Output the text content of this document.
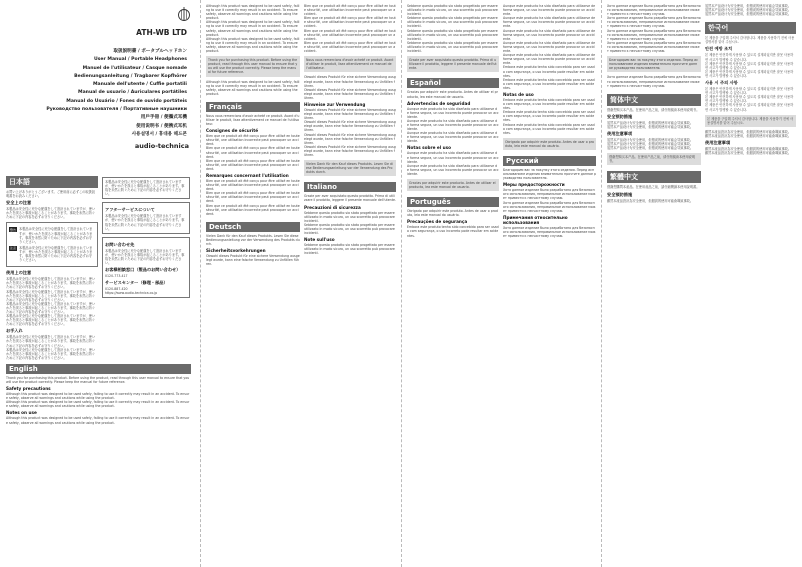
ATH-WB LTD
取扱説明書 / ポータブルヘッドホン
User Manual / Portable Headphones
Manuel de l'utilisateur / Casque nomade
Bedienungsanleitung / Tragbarer Kopfhörer
Manuale dell'utente / Cuffie portatili
Manual de usuario / Auriculares portátiles
Manual do Usuário / Fones de ouvido portáteis
Руководство пользователя / Портативные наушники
用戶手冊 / 便攜式耳機
使用说明书 / 便携式耳机
사용설명서 / 휴대용 헤드폰
audio-technica
日本語
お買い上げありがとうございます。ご使用前に必ずこの取扱説明書をお読みください。
安全上の注意
本製品は安全性に充分な配慮をして設計されていますが、使いかたを誤ると事故が起こることがあります。事故を未然に防ぐために下記の内容を必ずお守りください。
警告 本製品は安全性に充分な配慮をして設計されていますが、使いかたを誤ると事故が起こることがあります。事故を未然に防ぐために下記の内容を必ずお守りください。
注意 本製品は安全性に充分な配慮をして設計されていますが、使いかたを誤ると事故が起こることがあります。事故を未然に防ぐために下記の内容を必ずお守りください。
使用上の注意
本製品は安全性に充分な配慮をして設計されていますが、使いかたを誤ると事故が起こることがあります。事故を未然に防ぐために下記の内容を必ずお守りください。
本製品は安全性に充分な配慮をして設計されていますが、使いかたを誤ると事故が起こることがあります。事故を未然に防ぐために下記の内容を必ずお守りください。
本製品は安全性に充分な配慮をして設計されていますが、使いかたを誤ると事故が起こることがあります。事故を未然に防ぐために下記の内容を必ずお守りください。
本製品は安全性に充分な配慮をして設計されていますが、使いかたを誤ると事故が起こることがあります。事故を未然に防ぐために下記の内容を必ずお守りください。
お手入れ
本製品は安全性に充分な配慮をして設計されていますが、使いかたを誤ると事故が起こることがあります。事故を未然に防ぐために下記の内容を必ずお守りください。
本製品は安全性に充分な配慮をして設計されていますが、使いかたを誤ると事故が起こることがあります。事故を未然に防ぐために下記の内容を必ずお守りください。
本製品は安全性に充分な配慮をして設計されていますが、使いかたを誤ると事故が起こることがあります。事故を未然に防ぐために下記の内容を必ずお守りください。
アフターサービスについて
本製品は安全性に充分な配慮をして設計されていますが、使いかたを誤ると事故が起こることがあります。事故を未然に防ぐために下記の内容を必ずお守りください。
お問い合わせ先
本製品は安全性に充分な配慮をして設計されていますが、使いかたを誤ると事故が起こることがあります。事故を未然に防ぐために下記の内容を必ずお守りください。
お客様相談窓口（製品のお問い合わせ）
0120-773-417
サービスセンター（修理・部品）
0120-887-420
https://www.audio-technica.co.jp
English
Thank you for purchasing this product. Before using the product, read through this user manual to ensure that you will use the product correctly. Please keep the manual for future reference.
Safety precautions
Although this product was designed to be used safely, failing to use it correctly may result in an accident. To ensure safety, observe all warnings and cautions while using the product.
Although this product was designed to be used safely, failing to use it correctly may result in an accident. To ensure safety, observe all warnings and cautions while using the product.
Notes on use
Although this product was designed to be used safely, failing to use it correctly may result in an accident. To ensure safety, observe all warnings and cautions while using the product.
Although this product was designed to be used safely, failing to use it correctly may result in an accident. To ensure safety, observe all warnings and cautions while using the product.
Although this product was designed to be used safely, failing to use it correctly may result in an accident. To ensure safety, observe all warnings and cautions while using the product.
Although this product was designed to be used safely, failing to use it correctly may result in an accident. To ensure safety, observe all warnings and cautions while using the product.
Thank you for purchasing this product. Before using the product, read through this user manual to ensure that you will use the product correctly. Please keep the manual for future reference.
Although this product was designed to be used safely, failing to use it correctly may result in an accident. To ensure safety, observe all warnings and cautions while using the product.
Français
Nous vous remercions d'avoir acheté ce produit. Avant d'utiliser le produit, lisez attentivement ce manuel de l'utilisateur.
Consignes de sécurité
Bien que ce produit ait été conçu pour être utilisé en toute sécurité, une utilisation incorrecte peut provoquer un accident.
Bien que ce produit ait été conçu pour être utilisé en toute sécurité, une utilisation incorrecte peut provoquer un accident.
Bien que ce produit ait été conçu pour être utilisé en toute sécurité, une utilisation incorrecte peut provoquer un accident.
Remarques concernant l'utilisation
Bien que ce produit ait été conçu pour être utilisé en toute sécurité, une utilisation incorrecte peut provoquer un accident.
Bien que ce produit ait été conçu pour être utilisé en toute sécurité, une utilisation incorrecte peut provoquer un accident.
Bien que ce produit ait été conçu pour être utilisé en toute sécurité, une utilisation incorrecte peut provoquer un accident.
Deutsch
Vielen Dank für den Kauf dieses Produkts. Lesen Sie diese Bedienungsanleitung vor der Verwendung des Produkts durch.
Sicherheitsvorkehrungen
Obwohl dieses Produkt für eine sichere Verwendung ausgelegt wurde, kann eine falsche Verwendung zu Unfällen führen.
Bien que ce produit ait été conçu pour être utilisé en toute sécurité, une utilisation incorrecte peut provoquer un accident.
Bien que ce produit ait été conçu pour être utilisé en toute sécurité, une utilisation incorrecte peut provoquer un accident.
Bien que ce produit ait été conçu pour être utilisé en toute sécurité, une utilisation incorrecte peut provoquer un accident.
Bien que ce produit ait été conçu pour être utilisé en toute sécurité, une utilisation incorrecte peut provoquer un accident.
Nous vous remercions d'avoir acheté ce produit. Avant d'utiliser le produit, lisez attentivement ce manuel de l'utilisateur.
Obwohl dieses Produkt für eine sichere Verwendung ausgelegt wurde, kann eine falsche Verwendung zu Unfällen führen.
Obwohl dieses Produkt für eine sichere Verwendung ausgelegt wurde, kann eine falsche Verwendung zu Unfällen führen.
Hinweise zur Verwendung
Obwohl dieses Produkt für eine sichere Verwendung ausgelegt wurde, kann eine falsche Verwendung zu Unfällen führen.
Obwohl dieses Produkt für eine sichere Verwendung ausgelegt wurde, kann eine falsche Verwendung zu Unfällen führen.
Obwohl dieses Produkt für eine sichere Verwendung ausgelegt wurde, kann eine falsche Verwendung zu Unfällen führen.
Obwohl dieses Produkt für eine sichere Verwendung ausgelegt wurde, kann eine falsche Verwendung zu Unfällen führen.
Vielen Dank für den Kauf dieses Produkts. Lesen Sie diese Bedienungsanleitung vor der Verwendung des Produkts durch.
Italiano
Grazie per aver acquistato questo prodotto. Prima di utilizzare il prodotto, leggere il presente manuale dell'utente.
Precauzioni di sicurezza
Sebbene questo prodotto sia stato progettato per essere utilizzato in modo sicuro, un uso scorretto può provocare incidenti.
Sebbene questo prodotto sia stato progettato per essere utilizzato in modo sicuro, un uso scorretto può provocare incidenti.
Note sull'uso
Sebbene questo prodotto sia stato progettato per essere utilizzato in modo sicuro, un uso scorretto può provocare incidenti.
Sebbene questo prodotto sia stato progettato per essere utilizzato in modo sicuro, un uso scorretto può provocare incidenti.
Sebbene questo prodotto sia stato progettato per essere utilizzato in modo sicuro, un uso scorretto può provocare incidenti.
Sebbene questo prodotto sia stato progettato per essere utilizzato in modo sicuro, un uso scorretto può provocare incidenti.
Sebbene questo prodotto sia stato progettato per essere utilizzato in modo sicuro, un uso scorretto può provocare incidenti.
Grazie per aver acquistato questo prodotto. Prima di utilizzare il prodotto, leggere il presente manuale dell'utente.
Español
Gracias por adquirir este producto. Antes de utilizar el producto, lea este manual de usuario.
Advertencias de seguridad
Aunque este producto ha sido diseñado para utilizarse de forma segura, un uso incorrecto puede provocar un accidente.
Aunque este producto ha sido diseñado para utilizarse de forma segura, un uso incorrecto puede provocar un accidente.
Aunque este producto ha sido diseñado para utilizarse de forma segura, un uso incorrecto puede provocar un accidente.
Notas sobre el uso
Aunque este producto ha sido diseñado para utilizarse de forma segura, un uso incorrecto puede provocar un accidente.
Aunque este producto ha sido diseñado para utilizarse de forma segura, un uso incorrecto puede provocar un accidente.
Gracias por adquirir este producto. Antes de utilizar el producto, lea este manual de usuario.
Português
Obrigado por adquirir este produto. Antes de usar o produto, leia este manual do usuário.
Precauções de segurança
Embora este produto tenha sido concebido para ser usado com segurança, o uso incorreto pode resultar em acidentes.
Aunque este producto ha sido diseñado para utilizarse de forma segura, un uso incorrecto puede provocar un accidente.
Aunque este producto ha sido diseñado para utilizarse de forma segura, un uso incorrecto puede provocar un accidente.
Aunque este producto ha sido diseñado para utilizarse de forma segura, un uso incorrecto puede provocar un accidente.
Aunque este producto ha sido diseñado para utilizarse de forma segura, un uso incorrecto puede provocar un accidente.
Aunque este producto ha sido diseñado para utilizarse de forma segura, un uso incorrecto puede provocar un accidente.
Embora este produto tenha sido concebido para ser usado com segurança, o uso incorreto pode resultar em acidentes.
Embora este produto tenha sido concebido para ser usado com segurança, o uso incorreto pode resultar em acidentes.
Notas de uso
Embora este produto tenha sido concebido para ser usado com segurança, o uso incorreto pode resultar em acidentes.
Embora este produto tenha sido concebido para ser usado com segurança, o uso incorreto pode resultar em acidentes.
Embora este produto tenha sido concebido para ser usado com segurança, o uso incorreto pode resultar em acidentes.
Obrigado por adquirir este produto. Antes de usar o produto, leia este manual do usuário.
Русский
Благодарим вас за покупку этого изделия. Перед использованием изделия внимательно прочтите данное руководство пользователя.
Меры предосторожности
Хотя данное изделие было разработано для безопасного использования, неправильное использование может привести к несчастному случаю.
Хотя данное изделие было разработано для безопасного использования, неправильное использование может привести к несчастному случаю.
Примечания относительно использования
Хотя данное изделие было разработано для безопасного использования, неправильное использование может привести к несчастному случаю.
Хотя данное изделие было разработано для безопасного использования, неправильное использование может привести к несчастному случаю.
Хотя данное изделие было разработано для безопасного использования, неправильное использование может привести к несчастному случаю.
Хотя данное изделие было разработано для безопасного использования, неправильное использование может привести к несчастному случаю.
Хотя данное изделие было разработано для безопасного использования, неправильное использование может привести к несчастному случаю.
Благодарим вас за покупку этого изделия. Перед использованием изделия внимательно прочтите данное руководство пользователя.
Хотя данное изделие было разработано для безопасного использования, неправильное использование может привести к несчастному случаю.
简体中文
感谢您购买本产品。在使用产品之前，请仔细阅读本使用说明书。
安全预防措施
虽然本产品设计为安全使用，但错误的使用可能会导致事故。
虽然本产品设计为安全使用，但错误的使用可能会导致事故。
使用注意事项
虽然本产品设计为安全使用，但错误的使用可能会导致事故。
虽然本产品设计为安全使用，但错误的使用可能会导致事故。
虽然本产品设计为安全使用，但错误的使用可能会导致事故。
感谢您购买本产品。在使用产品之前，请仔细阅读本使用说明书。
繁體中文
感謝您購買本產品。在使用產品之前，請仔細閱讀本使用說明書。
安全預防措施
雖然本產品設計為安全使用，但錯誤的使用可能會導致事故。
虽然本产品设计为安全使用，但错误的使用可能会导致事故。
虽然本产品设计为安全使用，但错误的使用可能会导致事故。
虽然本产品设计为安全使用，但错误的使用可能会导致事故。
한국어
본 제품을 구입해 주셔서 감사합니다. 제품을 사용하기 전에 사용설명서를 읽어 주십시오.
안전 예방 조치
본 제품은 안전하게 사용할 수 있도록 설계되었지만 잘못 사용하면 사고가 발생할 수 있습니다.
본 제품은 안전하게 사용할 수 있도록 설계되었지만 잘못 사용하면 사고가 발생할 수 있습니다.
본 제품은 안전하게 사용할 수 있도록 설계되었지만 잘못 사용하면 사고가 발생할 수 있습니다.
사용 시 주의 사항
본 제품은 안전하게 사용할 수 있도록 설계되었지만 잘못 사용하면 사고가 발생할 수 있습니다.
본 제품은 안전하게 사용할 수 있도록 설계되었지만 잘못 사용하면 사고가 발생할 수 있습니다.
본 제품은 안전하게 사용할 수 있도록 설계되었지만 잘못 사용하면 사고가 발생할 수 있습니다.
본 제품을 구입해 주셔서 감사합니다. 제품을 사용하기 전에 사용설명서를 읽어 주십시오.
雖然本產品設計為安全使用，但錯誤的使用可能會導致事故。
雖然本產品設計為安全使用，但錯誤的使用可能會導致事故。
使用注意事項
雖然本產品設計為安全使用，但錯誤的使用可能會導致事故。
雖然本產品設計為安全使用，但錯誤的使用可能會導致事故。
